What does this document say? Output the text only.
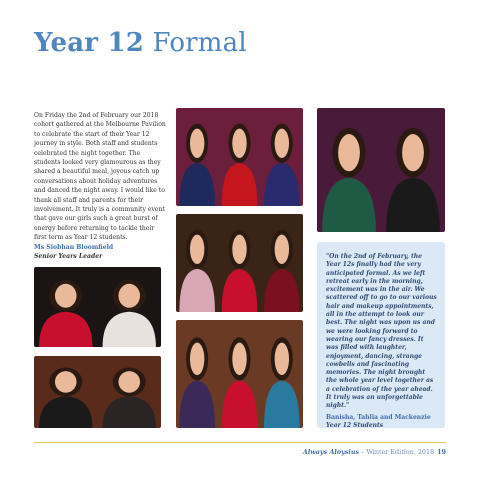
Year 12 Formal
On Friday the 2nd of February our 2018 cohort gathered at the Melbourne Pavilion to celebrate the start of their Year 12 journey in style. Both staff and students celebrated the night together. The students looked very glamourous as they shared a beautiful meal, joyous catch up conversations about holiday adventures and danced the night away. I would like to thank all staff and parents for their involvement. It truly is a community event that gave our girls such a great burst of energy before returning to tackle their first term as Year 12 students.
Ms Siobhan Bloomfield
Senior Years Leader	"On the 2nd of February, the Year 12s finally had the very anticipated formal. As we left retreat early in the morning, excitement was in the air. We scattered off to go to our various hair and makeup appointments, all in the attempt to look our best. The night was upon us and we were looking forward to wearing our fancy dresses. It was filled with laughter, enjoyment, dancing, strange cowbells and fascinating memories. The night brought the whole year level together as a celebration of the year ahead. It truly was an unforgettable night."
Banisha, Tahlia and Mackenzie
Year 12 Students
Always Aloysius – Winter Edition, 2018 19
